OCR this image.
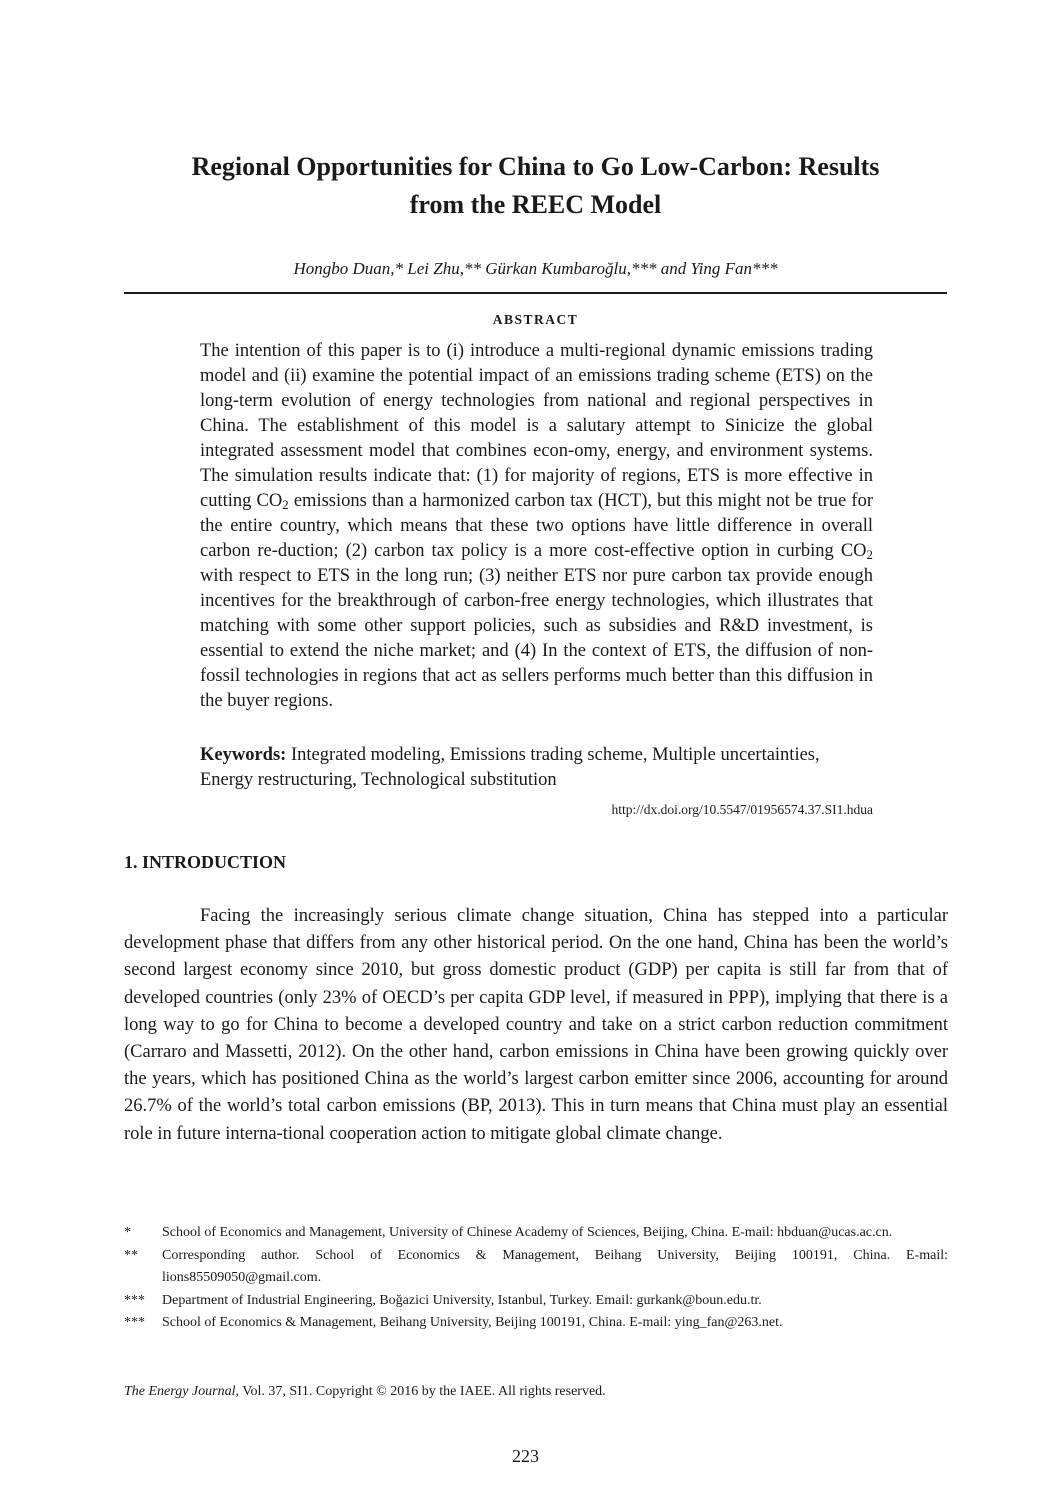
Regional Opportunities for China to Go Low-Carbon: Results
from the REEC Model
Hongbo Duan,* Lei Zhu,** Gürkan Kumbaroğlu,*** and Ying Fan***
ABSTRACT
The intention of this paper is to (i) introduce a multi-regional dynamic emissions trading model and (ii) examine the potential impact of an emissions trading scheme (ETS) on the long-term evolution of energy technologies from national and regional perspectives in China. The establishment of this model is a salutary attempt to Sinicize the global integrated assessment model that combines econ-omy, energy, and environment systems. The simulation results indicate that: (1) for majority of regions, ETS is more effective in cutting $CO_2$ emissions than a harmonized carbon tax (HCT), but this might not be true for the entire country, which means that these two options have little difference in overall carbon re-duction; (2) carbon tax policy is a more cost-effective option in curbing $CO_2$ with respect to ETS in the long run; (3) neither ETS nor pure carbon tax provide enough incentives for the breakthrough of carbon-free energy technologies, which illustrates that matching with some other support policies, such as subsidies and R&D investment, is essential to extend the niche market; and (4) In the context of ETS, the diffusion of non-fossil technologies in regions that act as sellers performs much better than this diffusion in the buyer regions.
Keywords: Integrated modeling, Emissions trading scheme, Multiple uncertainties, Energy restructuring, Technological substitution
http://dx.doi.org/10.5547/01956574.37.SI1.hdua
1. INTRODUCTION
Facing the increasingly serious climate change situation, China has stepped into a particular development phase that differs from any other historical period. On the one hand, China has been the world’s second largest economy since 2010, but gross domestic product (GDP) per capita is still far from that of developed countries (only 23% of OECD’s per capita GDP level, if measured in PPP), implying that there is a long way to go for China to become a developed country and take on a strict carbon reduction commitment (Carraro and Massetti, 2012). On the other hand, carbon emissions in China have been growing quickly over the years, which has positioned China as the world’s largest carbon emitter since 2006, accounting for around 26.7% of the world’s total carbon emissions (BP, 2013). This in turn means that China must play an essential role in future interna-tional cooperation action to mitigate global climate change.
*	School of Economics and Management, University of Chinese Academy of Sciences, Beijing, China. E-mail: hbduan@ucas.ac.cn.
**	Corresponding author. School of Economics & Management, Beihang University, Beijing 100191, China. E-mail: lions85509050@gmail.com.
***	Department of Industrial Engineering, Boğazici University, Istanbul, Turkey. Email: gurkank@boun.edu.tr.
***	School of Economics & Management, Beihang University, Beijing 100191, China. E-mail: ying_fan@263.net.
The Energy Journal, Vol. 37, SI1. Copyright © 2016 by the IAEE. All rights reserved.
223
